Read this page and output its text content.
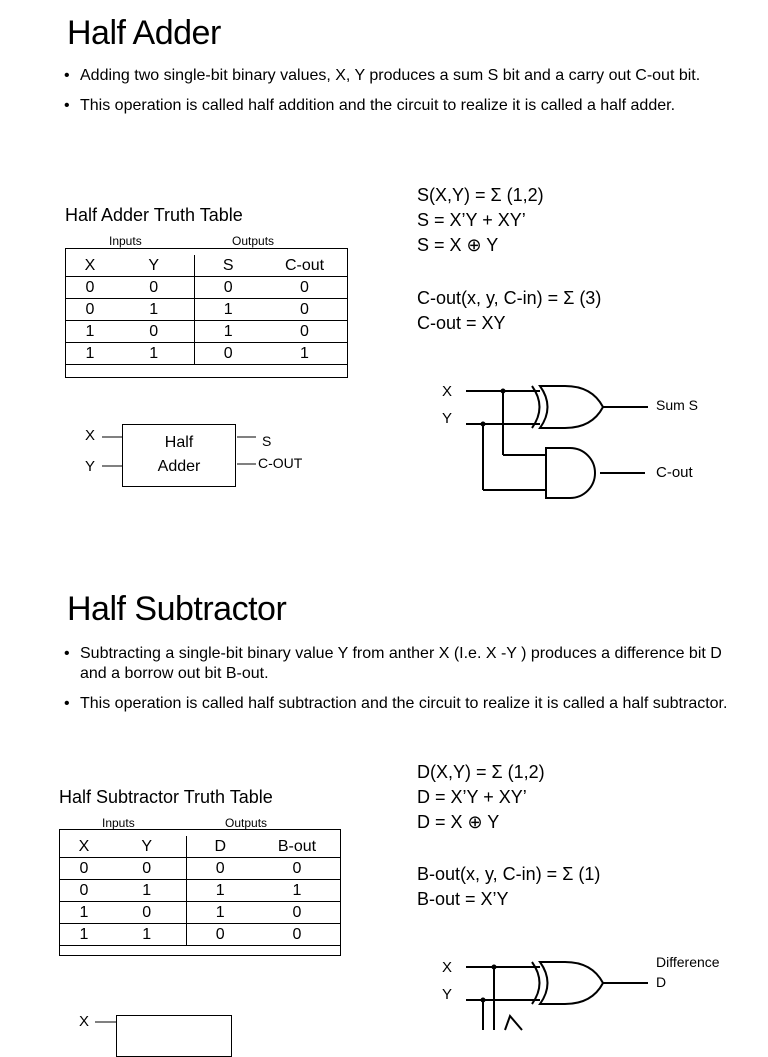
Half Adder
• Adding two single-bit binary values, X, Y produces a sum S bit and a carry out C-out bit.
• This operation is called half addition and the circuit to realize it is called a half adder.
Half Adder Truth Table
Inputs	Outputs
X	Y	S	C-out
0	0	0	0
0	1	1	0
1	0	1	0
1	1	0	1
S(X,Y) = Σ (1,2)
S = X’Y + XY’
S = X ⊕ Y
C-out(x, y, C-in) = Σ (3)
C-out = XY
X
Y
Half
Adder
S
C-OUT
X
Y
Sum S
C-out
Half Subtractor
• Subtracting a single-bit binary value Y from anther X (I.e. X -Y ) produces a difference bit D and a borrow out bit B-out.
• This operation is called half subtraction and the circuit to realize it is called a half subtractor.
Half Subtractor Truth Table
Inputs	Outputs
X	Y	D	B-out
0	0	0	0
0	1	1	1
1	0	1	0
1	1	0	0
D(X,Y) = Σ (1,2)
D = X’Y + XY’
D = X ⊕ Y
B-out(x, y, C-in) = Σ (1)
B-out = X’Y
X
X
Y
Difference
D
